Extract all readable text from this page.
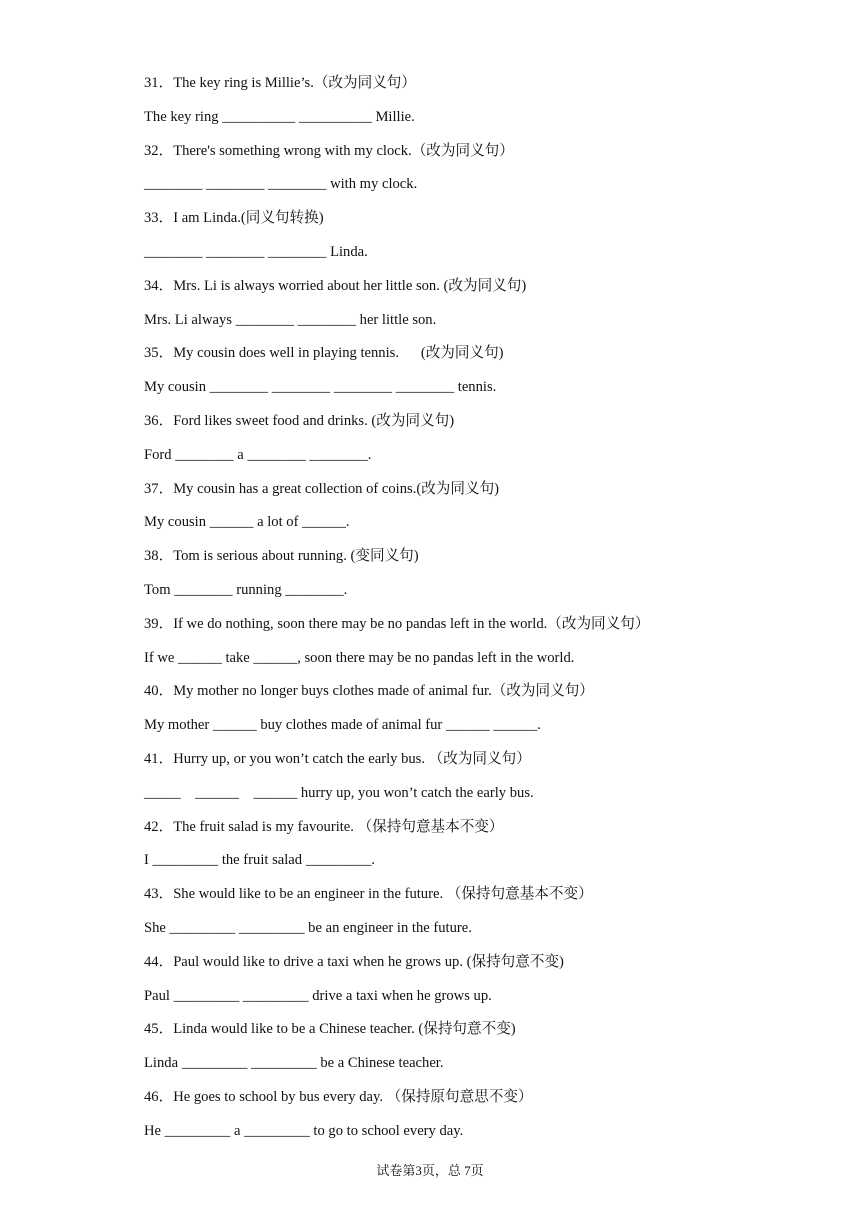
31．The key ring is Millie’s.（改为同义句）
The key ring __________ __________ Millie.
32．There's something wrong with my clock.（改为同义句）
________ ________ ________ with my clock.
33．I am Linda.(同义句转换)
________ ________ ________ Linda.
34．Mrs. Li is always worried about her little son. (改为同义句)
Mrs. Li always ________ ________ her little son.
35．My cousin does well in playing tennis.      (改为同义句)
My cousin ________ ________ ________ ________ tennis.
36．Ford likes sweet food and drinks. (改为同义句)
Ford ________ a ________ ________.
37．My cousin has a great collection of coins.(改为同义句)
My cousin ______ a lot of ______.
38．Tom is serious about running. (变同义句)
Tom ________ running ________.
39．If we do nothing, soon there may be no pandas left in the world.（改为同义句）
If we ______ take ______, soon there may be no pandas left in the world.
40．My mother no longer buys clothes made of animal fur.（改为同义句）
My mother ______ buy clothes made of animal fur ______ ______.
41．Hurry up, or you won’t catch the early bus. （改为同义句）
_____    ______    ______ hurry up, you won’t catch the early bus.
42．The fruit salad is my favourite. （保持句意基本不变）
I _________ the fruit salad _________.
43．She would like to be an engineer in the future. （保持句意基本不变）
She _________ _________ be an engineer in the future.
44．Paul would like to drive a taxi when he grows up. (保持句意不变)
Paul _________ _________ drive a taxi when he grows up.
45．Linda would like to be a Chinese teacher. (保持句意不变)
Linda _________ _________ be a Chinese teacher.
46．He goes to school by bus every day. （保持原句意思不变）
He _________ a _________ to go to school every day.
试卷第3页，总 7页
